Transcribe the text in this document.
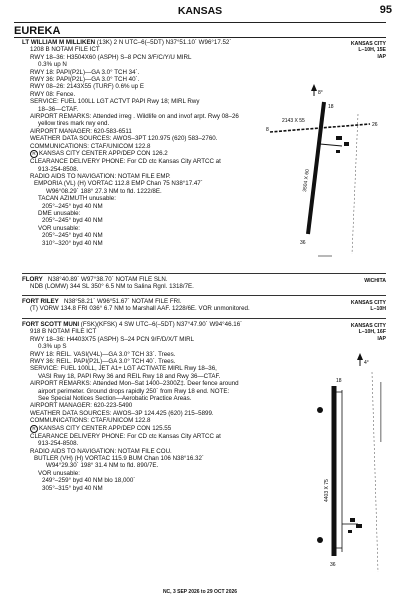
KANSAS	95
EUREKA
LT WILLIAM M MILLIKEN (13K) 2 N UTC–6(–5DT) N37°51.10´ W96°17.52´
1208 B NOTAM FILE ICT
RWY 18–36: H3504X60 (ASPH) S–8 PCN 3/F/C/Y/U MIRL
0.3% up N
RWY 18: PAPI(P2L)—GA 3.0° TCH 34´.
RWY 36: PAPI(P2L)—GA 3.0° TCH 40´.
RWY 08–26: 2143X55 (TURF) 0.6% up E
RWY 08: Fence.
SERVICE: FUEL 100LL LGT ACTVT PAPI Rwy 18; MIRL Rwy
18–36—CTAF.
AIRPORT REMARKS: Attended irreg . Wildlife on and invof arpt. Rwy 08–26
yellow tires mark rwy end.
AIRPORT MANAGER: 620-583-6511
WEATHER DATA SOURCES: AWOS–3PT 120.975 (620) 583–2760.
COMMUNICATIONS: CTAF/UNICOM 122.8
R KANSAS CITY CENTER APP/DEP CON 126.2
CLEARANCE DELIVERY PHONE: For CD ctc Kansas City ARTCC at
913-254-8508.
RADIO AIDS TO NAVIGATION: NOTAM FILE EMP.
EMPORIA (VL) (H) VORTAC 112.8 EMP Chan 75 N38°17.47´
W96°08.29´ 188° 27.3 NM to fld. 1222/8E.
TACAN AZIMUTH unusable:
205°–245° byd 40 NM
DME unusable:
205°–245° byd 40 NM
VOR unusable:
205°–245° byd 40 NM
310°–320° byd 40 NM
KANSAS CITY
L–10H, 15E
IAP
8°
2143 X 55
8
26
18
36
3504 X 60
FLORY N38°40.89´ W97°38.70´ NOTAM FILE SLN.
NDB (LOMW) 344 SL 350° 6.5 NM to Salina Rgnl. 1318/7E.
WICHITA
FORT RILEY N38°58.21´ W96°51.67´ NOTAM FILE FRI.
(T) VORW 134.8 FRI 036° 6.7 NM to Marshall AAF. 1228/6E. VOR unmonitored.
KANSAS CITY
L–10H
FORT SCOTT MUNI (FSK)(KFSK) 4 SW UTC–6(–5DT) N37°47.90´ W94°46.16´
918 B NOTAM FILE ICT
RWY 18–36: H4403X75 (ASPH) S–24 PCN 9/F/D/X/T MIRL
0.3% up S
RWY 18: REIL. VASI(V4L)—GA 3.0° TCH 33´. Trees.
RWY 36: REIL. PAPI(P2L)—GA 3.0° TCH 40´. Trees.
SERVICE: FUEL 100LL, JET A1+ LGT ACTIVATE MIRL Rwy 18–36,
VASI Rwy 18, PAPI Rwy 36 and REIL Rwy 18 and Rwy 36—CTAF.
AIRPORT REMARKS: Attended Mon–Sat 1400–2300Z‡. Deer fence around
airport perimeter. Ground drops rapidly 250´ from Rwy 18 end. NOTE:
See Special Notices Section—Aerobatic Practice Areas.
AIRPORT MANAGER: 620-223-5490
WEATHER DATA SOURCES: AWOS–3P 124.425 (620) 215–5899.
COMMUNICATIONS: CTAF/UNICOM 122.8
R KANSAS CITY CENTER APP/DEP CON 125.55
CLEARANCE DELIVERY PHONE: For CD ctc Kansas City ARTCC at
913-254-8508.
RADIO AIDS TO NAVIGATION: NOTAM FILE COU.
BUTLER (VH) (H) VORTAC 115.9 BUM Chan 106 N38°16.32´
W94°29.30´ 198° 31.4 NM to fld. 890/7E.
VOR unusable:
249°–259° byd 40 NM blo 18,000´
305°–315° byd 40 NM
KANSAS CITY
L–10H, 16F
IAP
4°
18
36
4403 X 75
NC, 3 SEP 2026 to 29 OCT 2026
